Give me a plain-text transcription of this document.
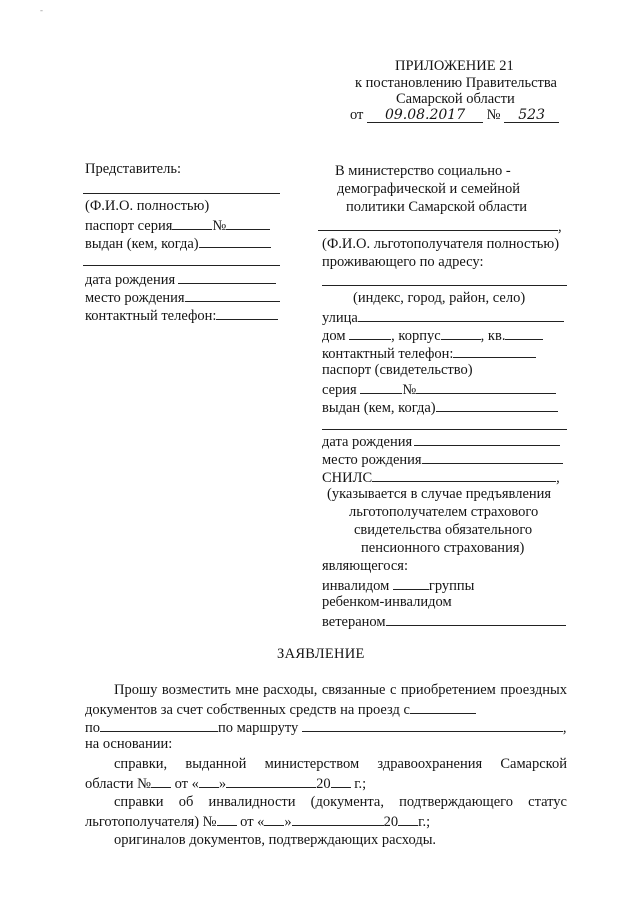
-
ПРИЛОЖЕНИЕ 21
к постановлению Правительства
Самарской области
от 09.08.2017 № 523
Представитель:
(Ф.И.О. полностью)
паспорт серия	№
выдан (кем, когда)
дата рождения
место рождения
контактный телефон:
В министерство социально -
демографической и семейной
политики Самарской области
,
(Ф.И.О. льготополучателя полностью)
проживающего по адресу:
(индекс, город, район, село)
улица
дом	, корпус	, кв.
контактный телефон:
паспорт (свидетельство)
серия	№
выдан (кем, когда)
дата рождения
место рождения
СНИЛС	,
(указывается в случае предъявления
льготополучателем страхового
свидетельства обязательного
пенсионного страхования)
являющегося:
инвалидом	группы
ребенком-инвалидом
ветераном
ЗАЯВЛЕНИЕ
Прошу возместить мне расходы, связанные с приобретением проездных документов за счет собственных средств на проезд с
по	по маршруту	,
на основании:
справки, выданной министерством здравоохранения Самарской
области № от « »	20 г.;
справки об инвалидности (документа, подтверждающего статус
льготополучателя) № от « »	20 г.;
оригиналов документов, подтверждающих расходы.
